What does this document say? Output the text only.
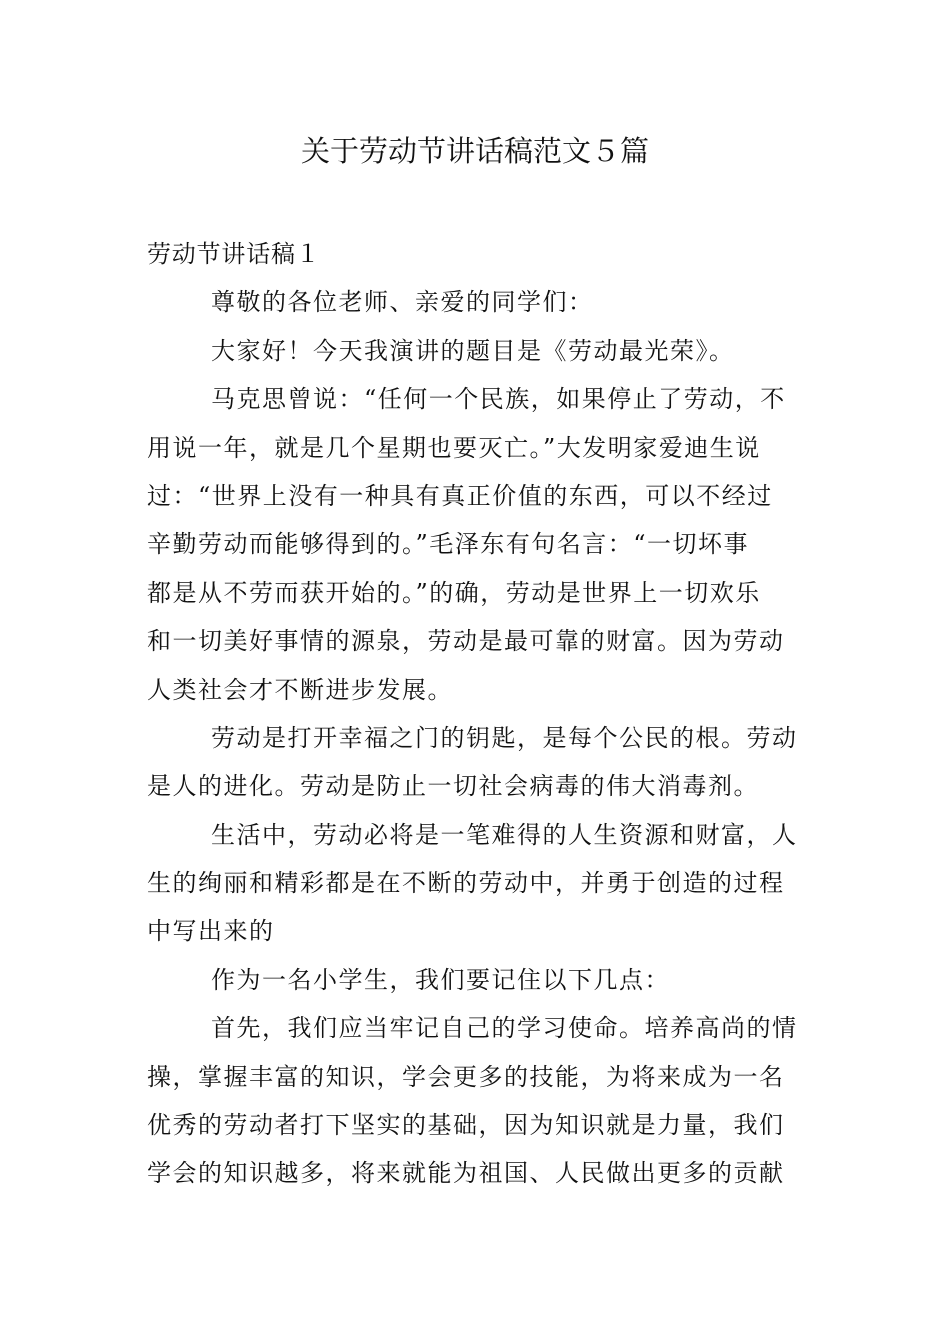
关于劳动节讲话稿范文５篇
劳动节讲话稿１
尊敬的各位老师、亲爱的同学们：
大家好！今天我演讲的题目是《劳动最光荣》。
马克思曾说：“任何一个民族，如果停止了劳动，不
用说一年，就是几个星期也要灭亡。”大发明家爱迪生说
过：“世界上没有一种具有真正价值的东西，可以不经过
辛勤劳动而能够得到的。”毛泽东有句名言：“一切坏事
都是从不劳而获开始的。”的确，劳动是世界上一切欢乐
和一切美好事情的源泉，劳动是最可靠的财富。因为劳动
人类社会才不断进步发展。
劳动是打开幸福之门的钥匙，是每个公民的根。劳动
是人的进化。劳动是防止一切社会病毒的伟大消毒剂。
生活中，劳动必将是一笔难得的人生资源和财富，人
生的绚丽和精彩都是在不断的劳动中，并勇于创造的过程
中写出来的
作为一名小学生，我们要记住以下几点：
首先，我们应当牢记自己的学习使命。培养高尚的情
操，掌握丰富的知识，学会更多的技能，为将来成为一名
优秀的劳动者打下坚实的基础，因为知识就是力量，我们
学会的知识越多，将来就能为祖国、人民做出更多的贡献
